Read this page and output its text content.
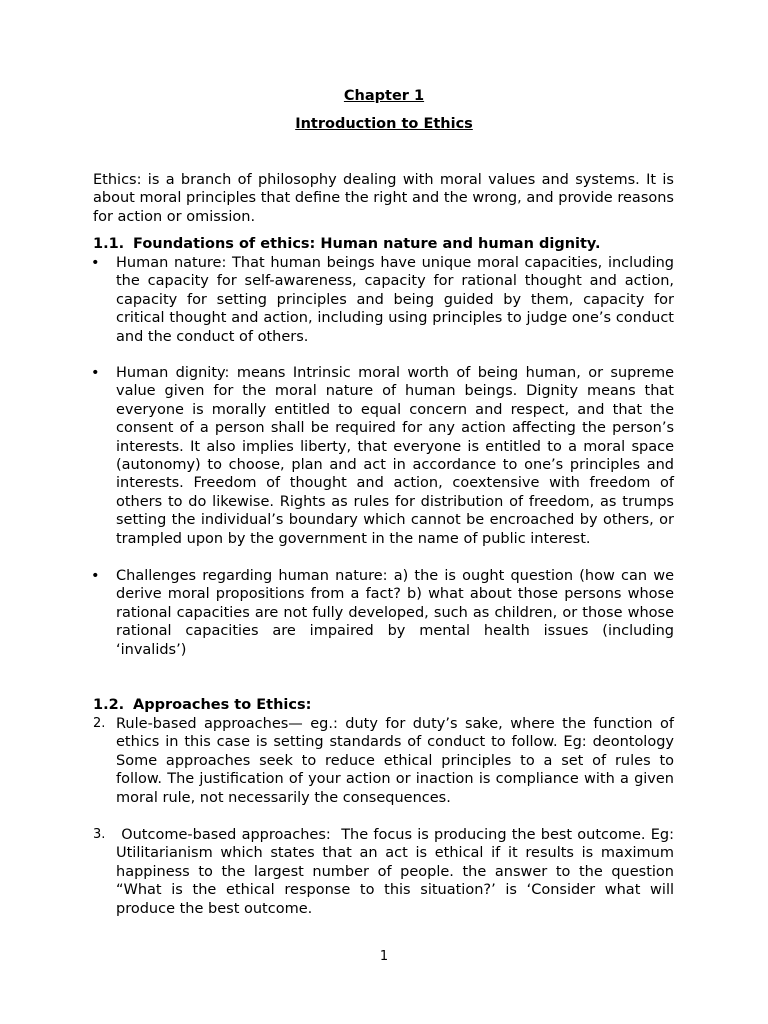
Chapter 1
Introduction to Ethics

Ethics: is a branch of philosophy dealing with moral values and systems. It is about moral principles that define the right and the wrong, and provide reasons for action or omission.

1.1. Foundations of ethics: Human nature and human dignity.
• Human nature: That human beings have unique moral capacities, including the capacity for self-awareness, capacity for rational thought and action, capacity for setting principles and being guided by them, capacity for critical thought and action, including using principles to judge one’s conduct and the conduct of others.

• Human dignity: means Intrinsic moral worth of being human, or supreme value given for the moral nature of human beings. Dignity means that everyone is morally entitled to equal concern and respect, and that the consent of a person shall be required for any action affecting the person’s interests. It also implies liberty, that everyone is entitled to a moral space (autonomy) to choose, plan and act in accordance to one’s principles and interests. Freedom of thought and action, coextensive with freedom of others to do likewise. Rights as rules for distribution of freedom, as trumps setting the individual’s boundary which cannot be encroached by others, or trampled upon by the government in the name of public interest.

• Challenges regarding human nature: a) the is ought question (how can we derive moral propositions from a fact? b) what about those persons whose rational capacities are not fully developed, such as children, or those whose rational capacities are impaired by mental health issues (including ‘invalids’)

1.2. Approaches to Ethics:
2. Rule-based approaches— eg.: duty for duty’s sake, where the function of ethics in this case is setting standards of conduct to follow. Eg: deontology Some approaches seek to reduce ethical principles to a set of rules to follow. The justification of your action or inaction is compliance with a given moral rule, not necessarily the consequences.

3. Outcome-based approaches:  The focus is producing the best outcome. Eg: Utilitarianism which states that an act is ethical if it results is maximum happiness to the largest number of people. the answer to the question “What is the ethical response to this situation?’ is ‘Consider what will produce the best outcome.

1
